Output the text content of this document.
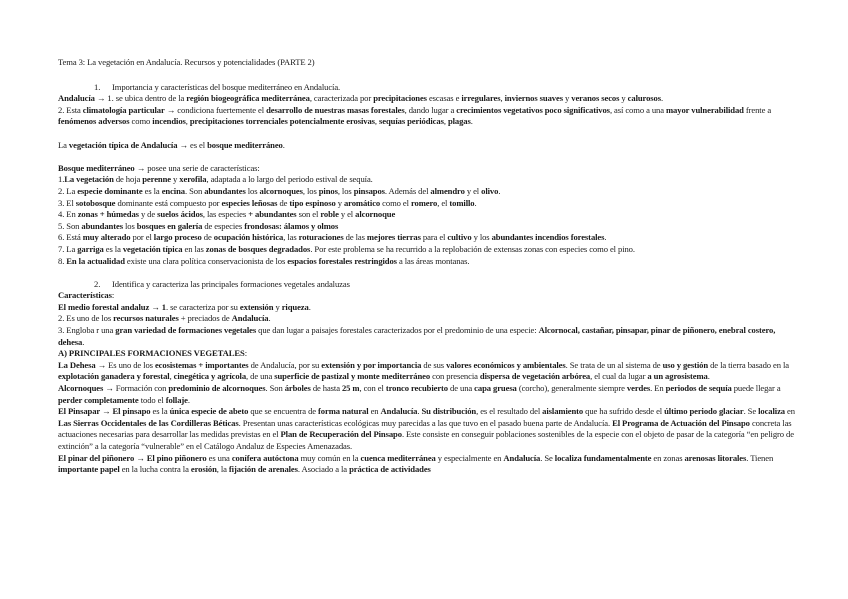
Tema 3: La vegetación en Andalucía. Recursos y potencialidades (PARTE 2)
1. Importancia y características del bosque mediterráneo en Andalucía.
Andalucía → 1. se ubica dentro de la región biogeográfica mediterránea, caracterizada por precipitaciones escasas e irregulares, inviernos suaves y veranos secos y calurosos.
2. Esta climatología particular → condiciona fuertemente el desarrollo de nuestras masas forestales, dando lugar a crecimientos vegetativos poco significativos, así como a una mayor vulnerabilidad frente a fenómenos adversos como incendios, precipitaciones torrenciales potencialmente erosivas, sequías periódicas, plagas.
La vegetación típica de Andalucía → es el bosque mediterráneo.
Bosque mediterráneo → posee una serie de características:
1.La vegetación de hoja perenne y xerofila, adaptada a lo largo del periodo estival de sequía.
2. La especie dominante es la encina. Son abundantes los alcornoques, los pinos, los pinsapos. Además del almendro y el olivo.
3. El sotobosque dominante está compuesto por especies leñosas de tipo espinoso y aromático como el romero, el tomillo.
4. En zonas + húmedas y de suelos ácidos, las especies + abundantes son el roble y el alcornoque
5. Son abundantes los bosques en galería de especies frondosas: álamos y olmos
6. Está muy alterado por el largo proceso de ocupación histórica, las roturaciones de las mejores tierras para el cultivo y los abundantes incendios forestales.
7. La garriga es la vegetación típica en las zonas de bosques degradados. Por este problema se ha recurrido a la replobación de extensas zonas con especies como el pino.
8. En la actualidad existe una clara política conservacionista de los espacios forestales restringidos a las áreas montanas.
2. Identifica y caracteriza las principales formaciones vegetales andaluzas
Características:
El medio forestal andaluz → 1. se caracteriza por su extensión y riqueza.
2. Es uno de los recursos naturales + preciados de Andalucía.
3. Engloba r una gran variedad de formaciones vegetales que dan lugar a paisajes forestales caracterizados por el predominio de una especie: Alcornocal, castañar, pinsapar, pinar de piñonero, enebral costero, dehesa.
A) PRINCIPALES FORMACIONES VEGETALES:
La Dehesa → Es uno de los ecosistemas + importantes de Andalucía, por su extensión y por importancia de sus valores económicos y ambientales. Se trata de un al sistema de uso y gestión de la tierra basado en la explotación ganadera y forestal, cinegética y agrícola, de una superficie de pastizal y monte mediterráneo con presencia dispersa de vegetación arbórea, el cual da lugar a un agrosistema.
Alcornoques → Formación con predominio de alcornoques. Son árboles de hasta 25 m, con el tronco recubierto de una capa gruesa (corcho), generalmente siempre verdes. En periodos de sequía puede llegar a perder completamente todo el follaje.
El Pinsapar → El pinsapo es la única especie de abeto que se encuentra de forma natural en Andalucía. Su distribución, es el resultado del aislamiento que ha sufrido desde el último periodo glaciar. Se localiza en Las Sierras Occidentales de las Cordilleras Béticas. Presentan unas características ecológicas muy parecidas a las que tuvo en el pasado buena parte de Andalucía. El Programa de Actuación del Pinsapo concreta las actuaciones necesarias para desarrollar las medidas previstas en el Plan de Recuperación del Pinsapo. Este consiste en conseguir poblaciones sostenibles de la especie con el objeto de pasar de la categoría “en peligro de extinción” a la categoría “vulnerable” en el Catálogo Andaluz de Especies Amenazadas.
El pinar del piñonero → El pino piñonero es una conífera autóctona muy común en la cuenca mediterránea y especialmente en Andalucía. Se localiza fundamentalmente en zonas arenosas litorales. Tienen importante papel en la lucha contra la erosión, la fijación de arenales. Asociado a la práctica de actividades
